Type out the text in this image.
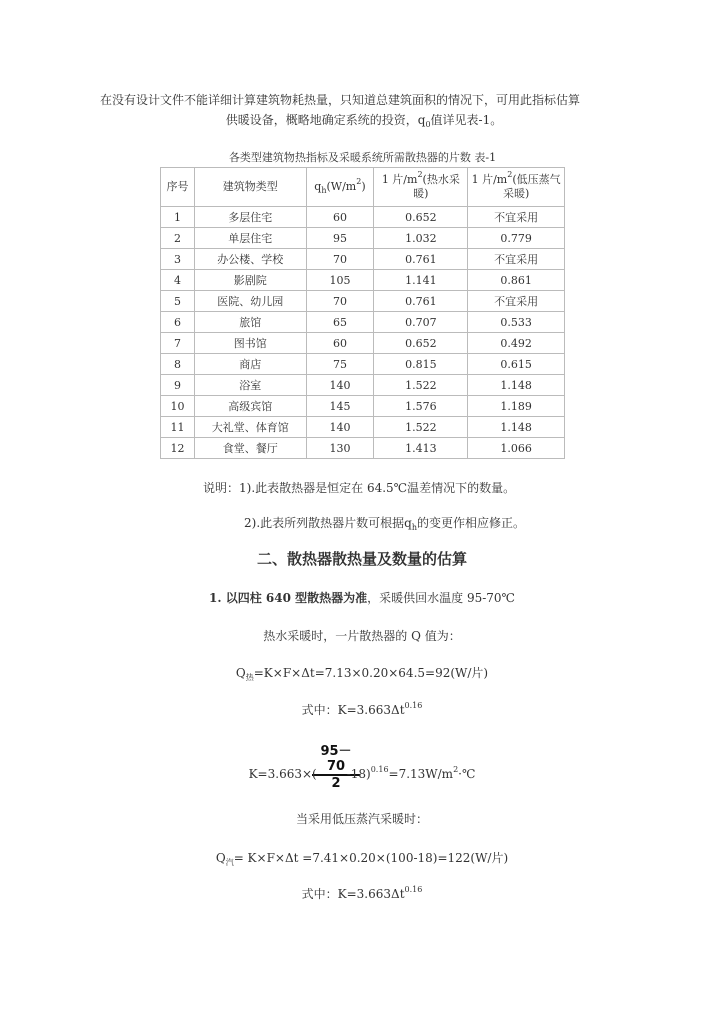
在没有设计文件不能详细计算建筑物耗热量，只知道总建筑面积的情况下，可用此指标估算
供暖设备，概略地确定系统的投资，$q_0$值详见表-1。
各类型建筑物热指标及采暖系统所需散热器的片数 表-1
序号	建筑物类型	$q_h(W/m^2)$	1 片$/m^2$(热水采暖)	1 片$/m^2$(低压蒸气采暖)
1	多层住宅	60	0.652	不宜采用
2	单层住宅	95	1.032	0.779
3	办公楼、学校	70	0.761	不宜采用
4	影剧院	105	1.141	0.861
5	医院、幼儿园	70	0.761	不宜采用
6	旅馆	65	0.707	0.533
7	图书馆	60	0.652	0.492
8	商店	75	0.815	0.615
9	浴室	140	1.522	1.148
10	高级宾馆	145	1.576	1.189
11	大礼堂、体育馆	140	1.522	1.148
12	食堂、餐厅	130	1.413	1.066
说明：1).此表散热器是恒定在 64.5℃温差情况下的数量。
2).此表所列散热器片数可根据$q_h$的变更作相应修正。
二、散热器散热量及数量的估算
1. 以四柱 640 型散热器为准，采暖供回水温度 95-70℃
热水采暖时，一片散热器的 Q 值为：
$Q_热=K\times F\times\Delta t=7.13\times 0.20\times 64.5=92(W/$片)
式中：$K=3.663\Delta t^{0.16}$
$\frac{95-70}{2}$
K=3.663×(	$-18)^{0.16}=7.13W/m^2\cdot℃$
当采用低压蒸汽采暖时：
$Q_汽= K\times F\times\Delta t =7.41\times 0.20\times(100-18)=122(W/$片)
式中：$K=3.663\Delta t^{0.16}$
